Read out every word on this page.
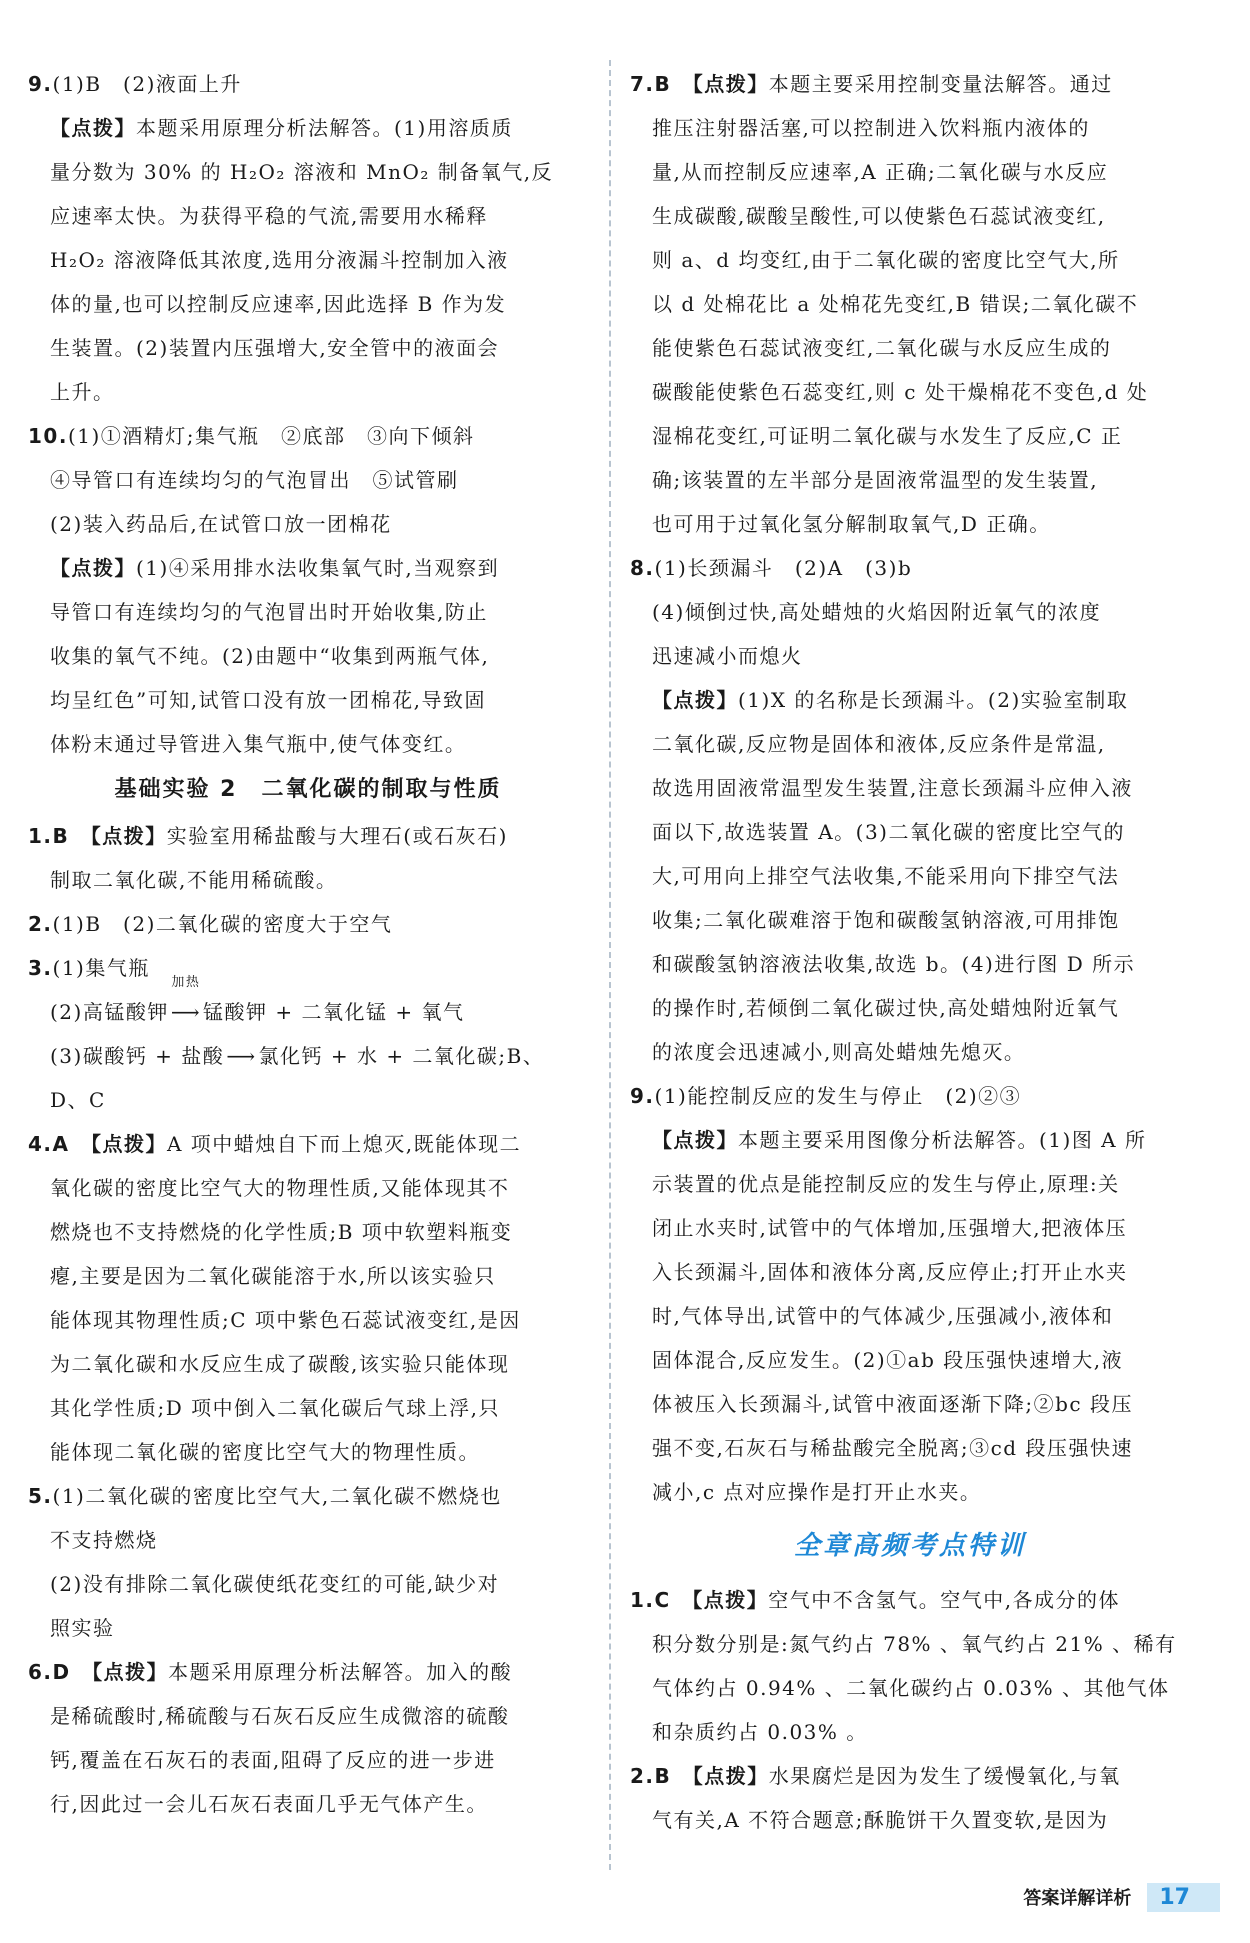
9.(1)B　(2)液面上升
【点拨】本题采用原理分析法解答。(1)用溶质质
量分数为 30% 的 H₂O₂ 溶液和 MnO₂ 制备氧气,反
应速率太快。为获得平稳的气流,需要用水稀释
H₂O₂ 溶液降低其浓度,选用分液漏斗控制加入液
体的量,也可以控制反应速率,因此选择 B 作为发
生装置。(2)装置内压强增大,安全管中的液面会
上升。
10.(1)①酒精灯;集气瓶　②底部　③向下倾斜
④导管口有连续均匀的气泡冒出　⑤试管刷
(2)装入药品后,在试管口放一团棉花
【点拨】(1)④采用排水法收集氧气时,当观察到
导管口有连续均匀的气泡冒出时开始收集,防止
收集的氧气不纯。(2)由题中“收集到两瓶气体,
均呈红色”可知,试管口没有放一团棉花,导致固
体粉末通过导管进入集气瓶中,使气体变红。
基础实验 2　二氧化碳的制取与性质
1.B　 【点拨】实验室用稀盐酸与大理石(或石灰石)
制取二氧化碳,不能用稀硫酸。
2.(1)B　(2)二氧化碳的密度大于空气
3.(1)集气瓶
(2)高锰酸钾
加热
⟶ 锰酸钾 + 二氧化锰 + 氧气
(3)碳酸钙 + 盐酸 ⟶ 氯化钙 + 水 + 二氧化碳;B、
D、C
4.A　 【点拨】A 项中蜡烛自下而上熄灭,既能体现二
氧化碳的密度比空气大的物理性质,又能体现其不
燃烧也不支持燃烧的化学性质;B 项中软塑料瓶变
瘪,主要是因为二氧化碳能溶于水,所以该实验只
能体现其物理性质;C 项中紫色石蕊试液变红,是因
为二氧化碳和水反应生成了碳酸,该实验只能体现
其化学性质;D 项中倒入二氧化碳后气球上浮,只
能体现二氧化碳的密度比空气大的物理性质。
5.(1)二氧化碳的密度比空气大,二氧化碳不燃烧也
不支持燃烧
(2)没有排除二氧化碳使纸花变红的可能,缺少对
照实验
6.D　 【点拨】本题采用原理分析法解答。加入的酸
是稀硫酸时,稀硫酸与石灰石反应生成微溶的硫酸
钙,覆盖在石灰石的表面,阻碍了反应的进一步进
行,因此过一会儿石灰石表面几乎无气体产生。
7.B　 【点拨】本题主要采用控制变量法解答。通过
推压注射器活塞,可以控制进入饮料瓶内液体的
量,从而控制反应速率,A 正确;二氧化碳与水反应
生成碳酸,碳酸呈酸性,可以使紫色石蕊试液变红,
则 a、d 均变红,由于二氧化碳的密度比空气大,所
以 d 处棉花比 a 处棉花先变红,B 错误;二氧化碳不
能使紫色石蕊试液变红,二氧化碳与水反应生成的
碳酸能使紫色石蕊变红,则 c 处干燥棉花不变色,d 处
湿棉花变红,可证明二氧化碳与水发生了反应,C 正
确;该装置的左半部分是固液常温型的发生装置,
也可用于过氧化氢分解制取氧气,D 正确。
8.(1)长颈漏斗　(2)A　(3)b
(4)倾倒过快,高处蜡烛的火焰因附近氧气的浓度
迅速减小而熄火
【点拨】(1)X 的名称是长颈漏斗。(2)实验室制取
二氧化碳,反应物是固体和液体,反应条件是常温,
故选用固液常温型发生装置,注意长颈漏斗应伸入液
面以下,故选装置 A。(3)二氧化碳的密度比空气的
大,可用向上排空气法收集,不能采用向下排空气法
收集;二氧化碳难溶于饱和碳酸氢钠溶液,可用排饱
和碳酸氢钠溶液法收集,故选 b。(4)进行图 D 所示
的操作时,若倾倒二氧化碳过快,高处蜡烛附近氧气
的浓度会迅速减小,则高处蜡烛先熄灭。
9.(1)能控制反应的发生与停止　(2)②③
【点拨】本题主要采用图像分析法解答。(1)图 A 所
示装置的优点是能控制反应的发生与停止,原理:关
闭止水夹时,试管中的气体增加,压强增大,把液体压
入长颈漏斗,固体和液体分离,反应停止;打开止水夹
时,气体导出,试管中的气体减少,压强减小,液体和
固体混合,反应发生。(2)①ab 段压强快速增大,液
体被压入长颈漏斗,试管中液面逐渐下降;②bc 段压
强不变,石灰石与稀盐酸完全脱离;③cd 段压强快速
减小,c 点对应操作是打开止水夹。
全章高频考点特训
1.C　 【点拨】空气中不含氢气。空气中,各成分的体
积分数分别是:氮气约占 78% 、氧气约占 21% 、稀有
气体约占 0.94% 、二氧化碳约占 0.03% 、其他气体
和杂质约占 0.03% 。
2.B　 【点拨】水果腐烂是因为发生了缓慢氧化,与氧
气有关,A 不符合题意;酥脆饼干久置变软,是因为
答案详解详析	17
